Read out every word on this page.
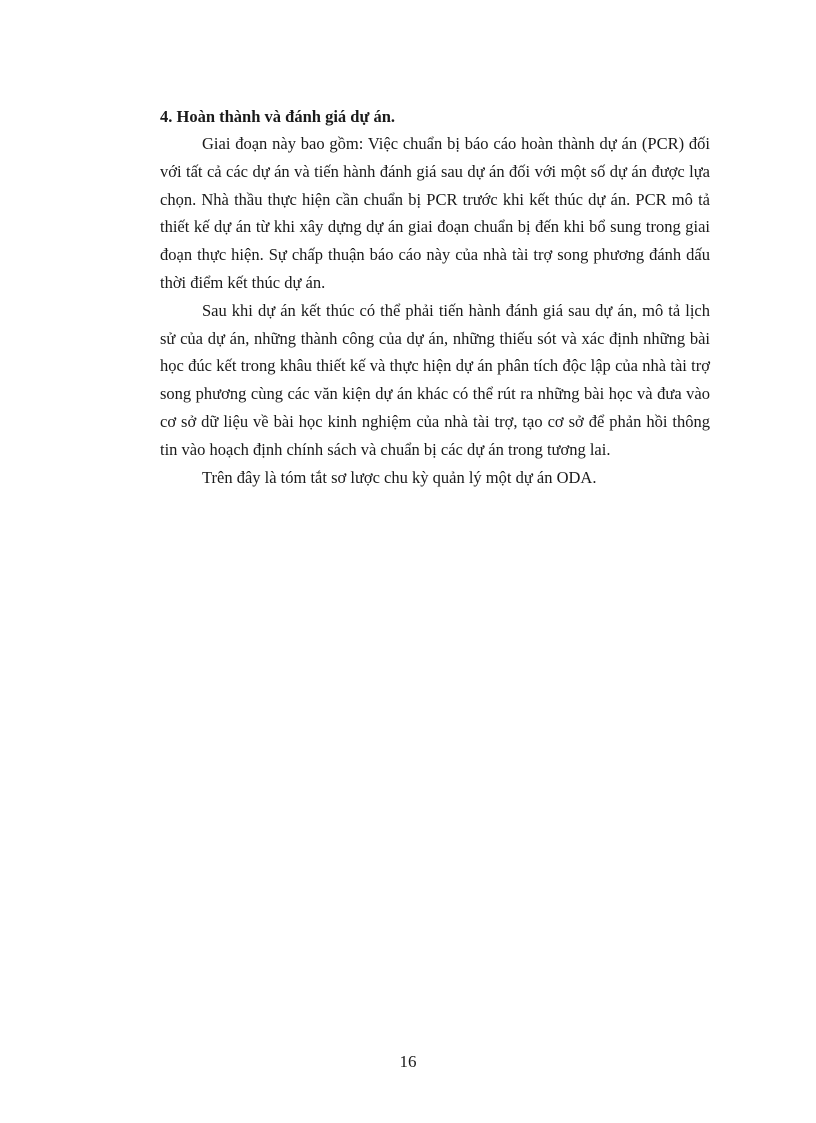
4. Hoàn thành và đánh giá dự án.

Giai đoạn này bao gồm: Việc chuẩn bị báo cáo hoàn thành dự án (PCR) đối với tất cả các dự án và tiến hành đánh giá sau dự án đối với một số dự án được lựa chọn. Nhà thầu thực hiện cần chuẩn bị PCR trước khi kết thúc dự án. PCR mô tả thiết kế dự án từ khi xây dựng dự án giai đoạn chuẩn bị đến khi bổ sung trong giai đoạn thực hiện. Sự chấp thuận báo cáo này của nhà tài trợ song phương đánh dấu thời điểm kết thúc dự án.

Sau khi dự án kết thúc có thể phải tiến hành đánh giá sau dự án, mô tả lịch sử của dự án, những thành công của dự án, những thiếu sót và xác định những bài học đúc kết trong khâu thiết kế và thực hiện dự án phân tích độc lập của nhà tài trợ song phương cùng các văn kiện dự án khác có thể rút ra những bài học và đưa vào cơ sở dữ liệu về bài học kinh nghiệm của nhà tài trợ, tạo cơ sở để phản hồi thông tin vào hoạch định chính sách và chuẩn bị các dự án trong tương lai.

Trên đây là tóm tắt sơ lược chu kỳ quản lý một dự án ODA.

16
